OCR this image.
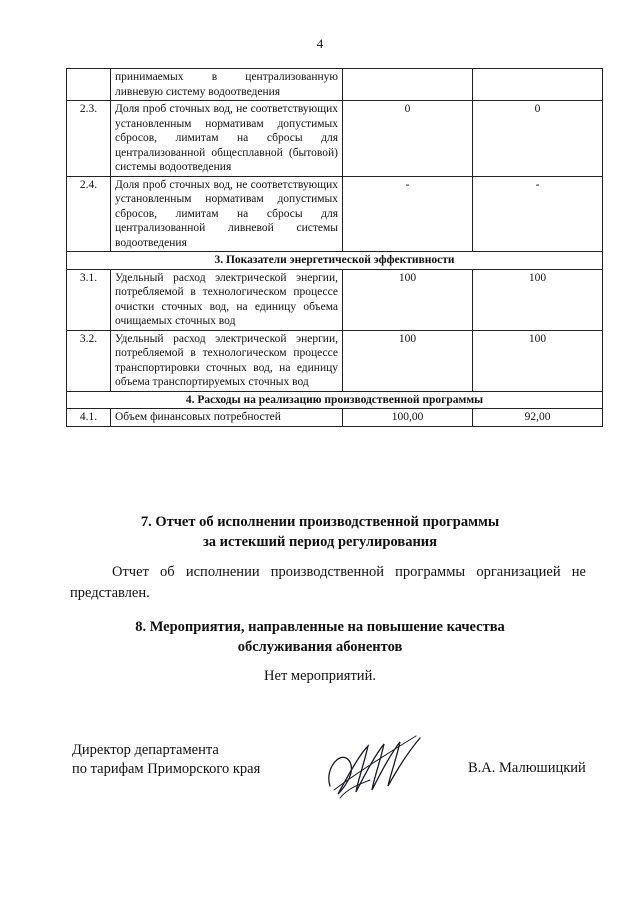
4
	принимаемых в централизованную ливневую систему водоотведения		
2.3.	Доля проб сточных вод, не соответствующих установленным нормативам допустимых сбросов, лимитам на сбросы для централизованной общесплавной (бытовой) системы водоотведения	0	0
2.4.	Доля проб сточных вод, не соответствующих установленным нормативам допустимых сбросов, лимитам на сбросы для централизованной ливневой системы водоотведения	-	-
3. Показатели энергетической эффективности			
3.1.	Удельный расход электрической энергии, потребляемой в технологическом процессе очистки сточных вод, на единицу объема очищаемых сточных вод	100	100
3.2.	Удельный расход электрической энергии, потребляемой в технологическом процессе транспортировки сточных вод, на единицу объема транспортируемых сточных вод	100	100
4. Расходы на реализацию производственной программы			
4.1.	Объем финансовых потребностей	100,00	92,00
7. Отчет об исполнении производственной программы
за истекший период регулирования
Отчет об исполнении производственной программы организацией не представлен.
8. Мероприятия, направленные на повышение качества
обслуживания абонентов
Нет мероприятий.
Директор департамента
по тарифам Приморского края	В.А. Малюшицкий
